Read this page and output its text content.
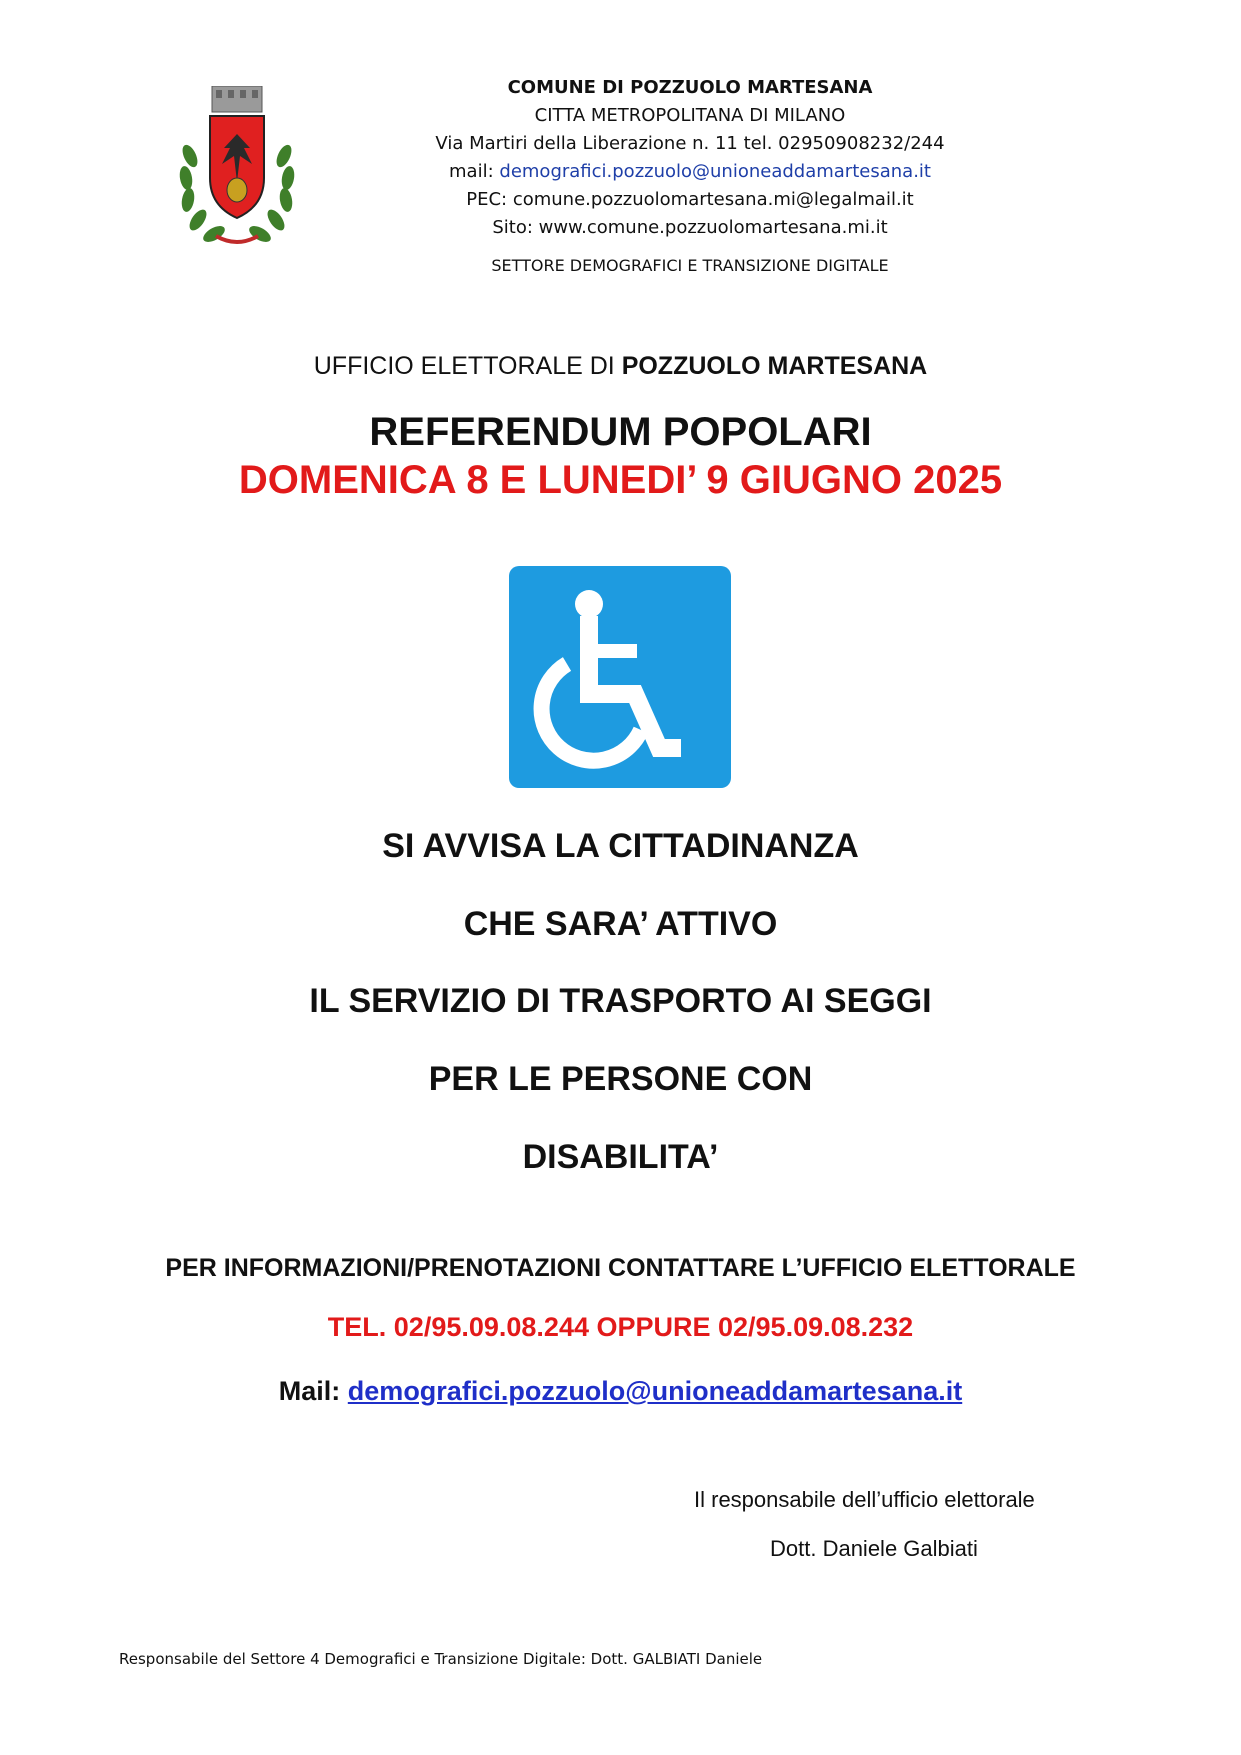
COMUNE DI POZZUOLO MARTESANA
CITTA METROPOLITANA DI MILANO
Via Martiri della Liberazione n. 11 tel. 02950908232/244
mail: demografici.pozzuolo@unioneaddamartesana.it
PEC: comune.pozzuolomartesana.mi@legalmail.it
Sito: www.comune.pozzuolomartesana.mi.it
SETTORE DEMOGRAFICI E TRANSIZIONE DIGITALE
UFFICIO ELETTORALE DI POZZUOLO MARTESANA
REFERENDUM POPOLARI
DOMENICA 8 E LUNEDI’ 9 GIUGNO 2025
SI AVVISA LA CITTADINANZA
CHE SARA’ ATTIVO
IL SERVIZIO DI TRASPORTO AI SEGGI
PER LE PERSONE CON
DISABILITA’
PER INFORMAZIONI/PRENOTAZIONI CONTATTARE L’UFFICIO ELETTORALE
TEL. 02/95.09.08.244 OPPURE 02/95.09.08.232
Mail: demografici.pozzuolo@unioneaddamartesana.it
Il responsabile dell’ufficio elettorale
Dott. Daniele Galbiati
Responsabile del Settore 4 Demografici e Transizione Digitale: Dott. GALBIATI Daniele
